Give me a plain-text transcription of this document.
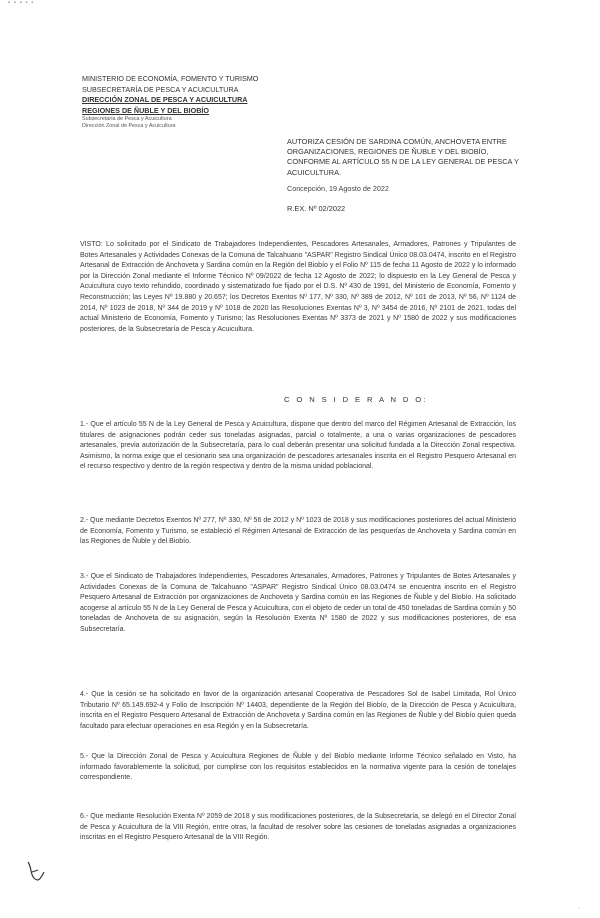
▪ ▪ ▪ ▪ ▪
MINISTERIO DE ECONOMÍA, FOMENTO Y TURISMO
SUBSECRETARÍA DE PESCA Y ACUICULTURA
DIRECCIÓN ZONAL DE PESCA Y ACUICULTURA
REGIONES DE ÑUBLE Y DEL BIOBÍO
Subsecretaría de Pesca y Acuicultura
Dirección Zonal de Pesca y Acuicultura
AUTORIZA CESIÓN DE SARDINA COMÚN, ANCHOVETA ENTRE ORGANIZACIONES, REGIONES DE ÑUBLE Y DEL BIOBÍO, CONFORME AL ARTÍCULO 55 N DE LA LEY GENERAL DE PESCA Y ACUICULTURA.
Concepción, 19 Agosto de 2022
R.EX. Nº 02/2022
VISTO: Lo solicitado por el Sindicato de Trabajadores Independientes, Pescadores Artesanales, Armadores, Patrones y Tripulantes de Botes Artesanales y Actividades Conexas de la Comuna de Talcahuano "ASPAR" Registro Sindical Único 08.03.0474, inscrito en el Registro Artesanal de Extracción de Anchoveta y Sardina común en la Región del Biobío y el Folio Nº 115 de fecha 11 Agosto de 2022 y lo informado por la Dirección Zonal mediante el Informe Técnico Nº 09/2022 de fecha 12 Agosto de 2022; lo dispuesto en la Ley General de Pesca y Acuicultura cuyo texto refundido, coordinado y sistematizado fue fijado por el D.S. Nº 430 de 1991, del Ministerio de Economía, Fomento y Reconstrucción; las Leyes Nº 19.880 y 20.657; los Decretos Exentos Nº 177, Nº 330, Nº 389 de 2012, Nº 101 de 2013, Nº 56, Nº 1124 de 2014, Nº 1023 de 2018, Nº 344 de 2019 y Nº 1018 de 2020 las Resoluciones Exentas Nº 3, Nº 3454 de 2016, Nº 2101 de 2021, todas del actual Ministerio de Economía, Fomento y Turismo; las Resoluciones Exentas Nº 3373 de 2021 y Nº 1580 de 2022 y sus modificaciones posteriores, de la Subsecretaría de Pesca y Acuicultura.
C O N S I D E R A N D O:
1.- Que el artículo 55 N de la Ley General de Pesca y Acuicultura, dispone que dentro del marco del Régimen Artesanal de Extracción, los titulares de asignaciones podrán ceder sus toneladas asignadas, parcial o totalmente, a una o varias organizaciones de pescadores artesanales, previa autorización de la Subsecretaría, para lo cual deberán presentar una solicitud fundada a la Dirección Zonal respectiva. Asimismo, la norma exige que el cesionario sea una organización de pescadores artesanales inscrita en el Registro Pesquero Artesanal en el recurso respectivo y dentro de la región respectiva y dentro de la misma unidad poblacional.
2.- Que mediante Decretos Exentos Nº 277, Nº 330, Nº 56 de 2012 y Nº 1023 de 2018 y sus modificaciones posteriores del actual Ministerio de Economía, Fomento y Turismo, se estableció el Régimen Artesanal de Extracción de las pesquerías de Anchoveta y Sardina común en las Regiones de Ñuble y del Biobío.
3.- Que el Sindicato de Trabajadores Independientes, Pescadores Artesanales, Armadores, Patrones y Tripulantes de Botes Artesanales y Actividades Conexas de la Comuna de Talcahuano "ASPAR" Registro Sindical Único 08.03.0474 se encuentra inscrito en el Registro Pesquero Artesanal de Extracción por organizaciones de Anchoveta y Sardina común en las Regiones de Ñuble y del Biobío. Ha solicitado acogerse al artículo 55 N de la Ley General de Pesca y Acuicultura, con el objeto de ceder un total de 450 toneladas de Sardina común y 50 toneladas de Anchoveta de su asignación, según la Resolución Exenta Nº 1580 de 2022 y sus modificaciones posteriores, de esa Subsecretaría.
4.- Que la cesión se ha solicitado en favor de la organización artesanal Cooperativa de Pescadores Sol de Isabel Limitada, Rol Único Tributario Nº 65.149.692-4 y Folio de Inscripción Nº 14403, dependiente de la Región del Biobío, de la Dirección de Pesca y Acuicultura, inscrita en el Registro Pesquero Artesanal de Extracción de Anchoveta y Sardina común en las Regiones de Ñuble y del Biobío quien queda facultado para efectuar operaciones en esa Región y en la Subsecretaría.
5.- Que la Dirección Zonal de Pesca y Acuicultura Regiones de Ñuble y del Biobío mediante Informe Técnico señalado en Visto, ha informado favorablemente la solicitud, por cumplirse con los requisitos establecidos en la normativa vigente para la cesión de tonelajes correspondiente.
6.- Que mediante Resolución Exenta Nº 2059 de 2018 y sus modificaciones posteriores, de la Subsecretaría, se delegó en el Director Zonal de Pesca y Acuicultura de la VIII Región, entre otras, la facultad de resolver sobre las cesiones de toneladas asignadas a organizaciones inscritas en el Registro Pesquero Artesanal de la VIII Región.
▫
